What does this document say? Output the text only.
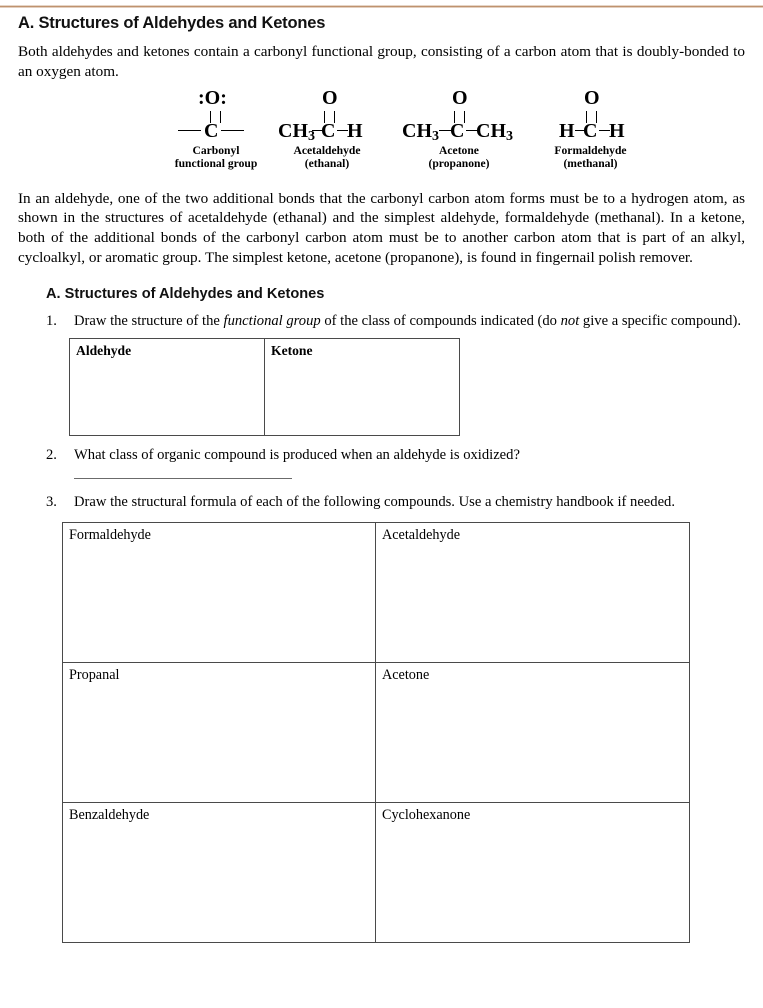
A. Structures of Aldehydes and Ketones

Both aldehydes and ketones contain a carbonyl functional group, consisting of a carbon atom that is doubly-bonded to an oxygen atom.

:O:
C
Carbonyl
functional group
O
$CH_3$ C H
Acetaldehyde
(ethanal)
O
$CH_3$ C $CH_3$
Acetone
(propanone)
O
H C H
Formaldehyde
(methanal)

In an aldehyde, one of the two additional bonds that the carbonyl carbon atom forms must be to a hydrogen atom, as shown in the structures of acetaldehyde (ethanal) and the simplest aldehyde, formaldehyde (methanal). In a ketone, both of the additional bonds of the carbonyl carbon atom must be to another carbon atom that is part of an alkyl, cycloalkyl, or aromatic group. The simplest ketone, acetone (propanone), is found in fingernail polish remover.

A. Structures of Aldehydes and Ketones
1.	Draw the structure of the functional group of the class of compounds indicated (do not give a specific compound).
Aldehyde	Ketone
2.	What class of organic compound is produced when an aldehyde is oxidized?
3.	Draw the structural formula of each of the following compounds. Use a chemistry handbook if needed.
Formaldehyde	Acetaldehyde
Propanal	Acetone
Benzaldehyde	Cyclohexanone
